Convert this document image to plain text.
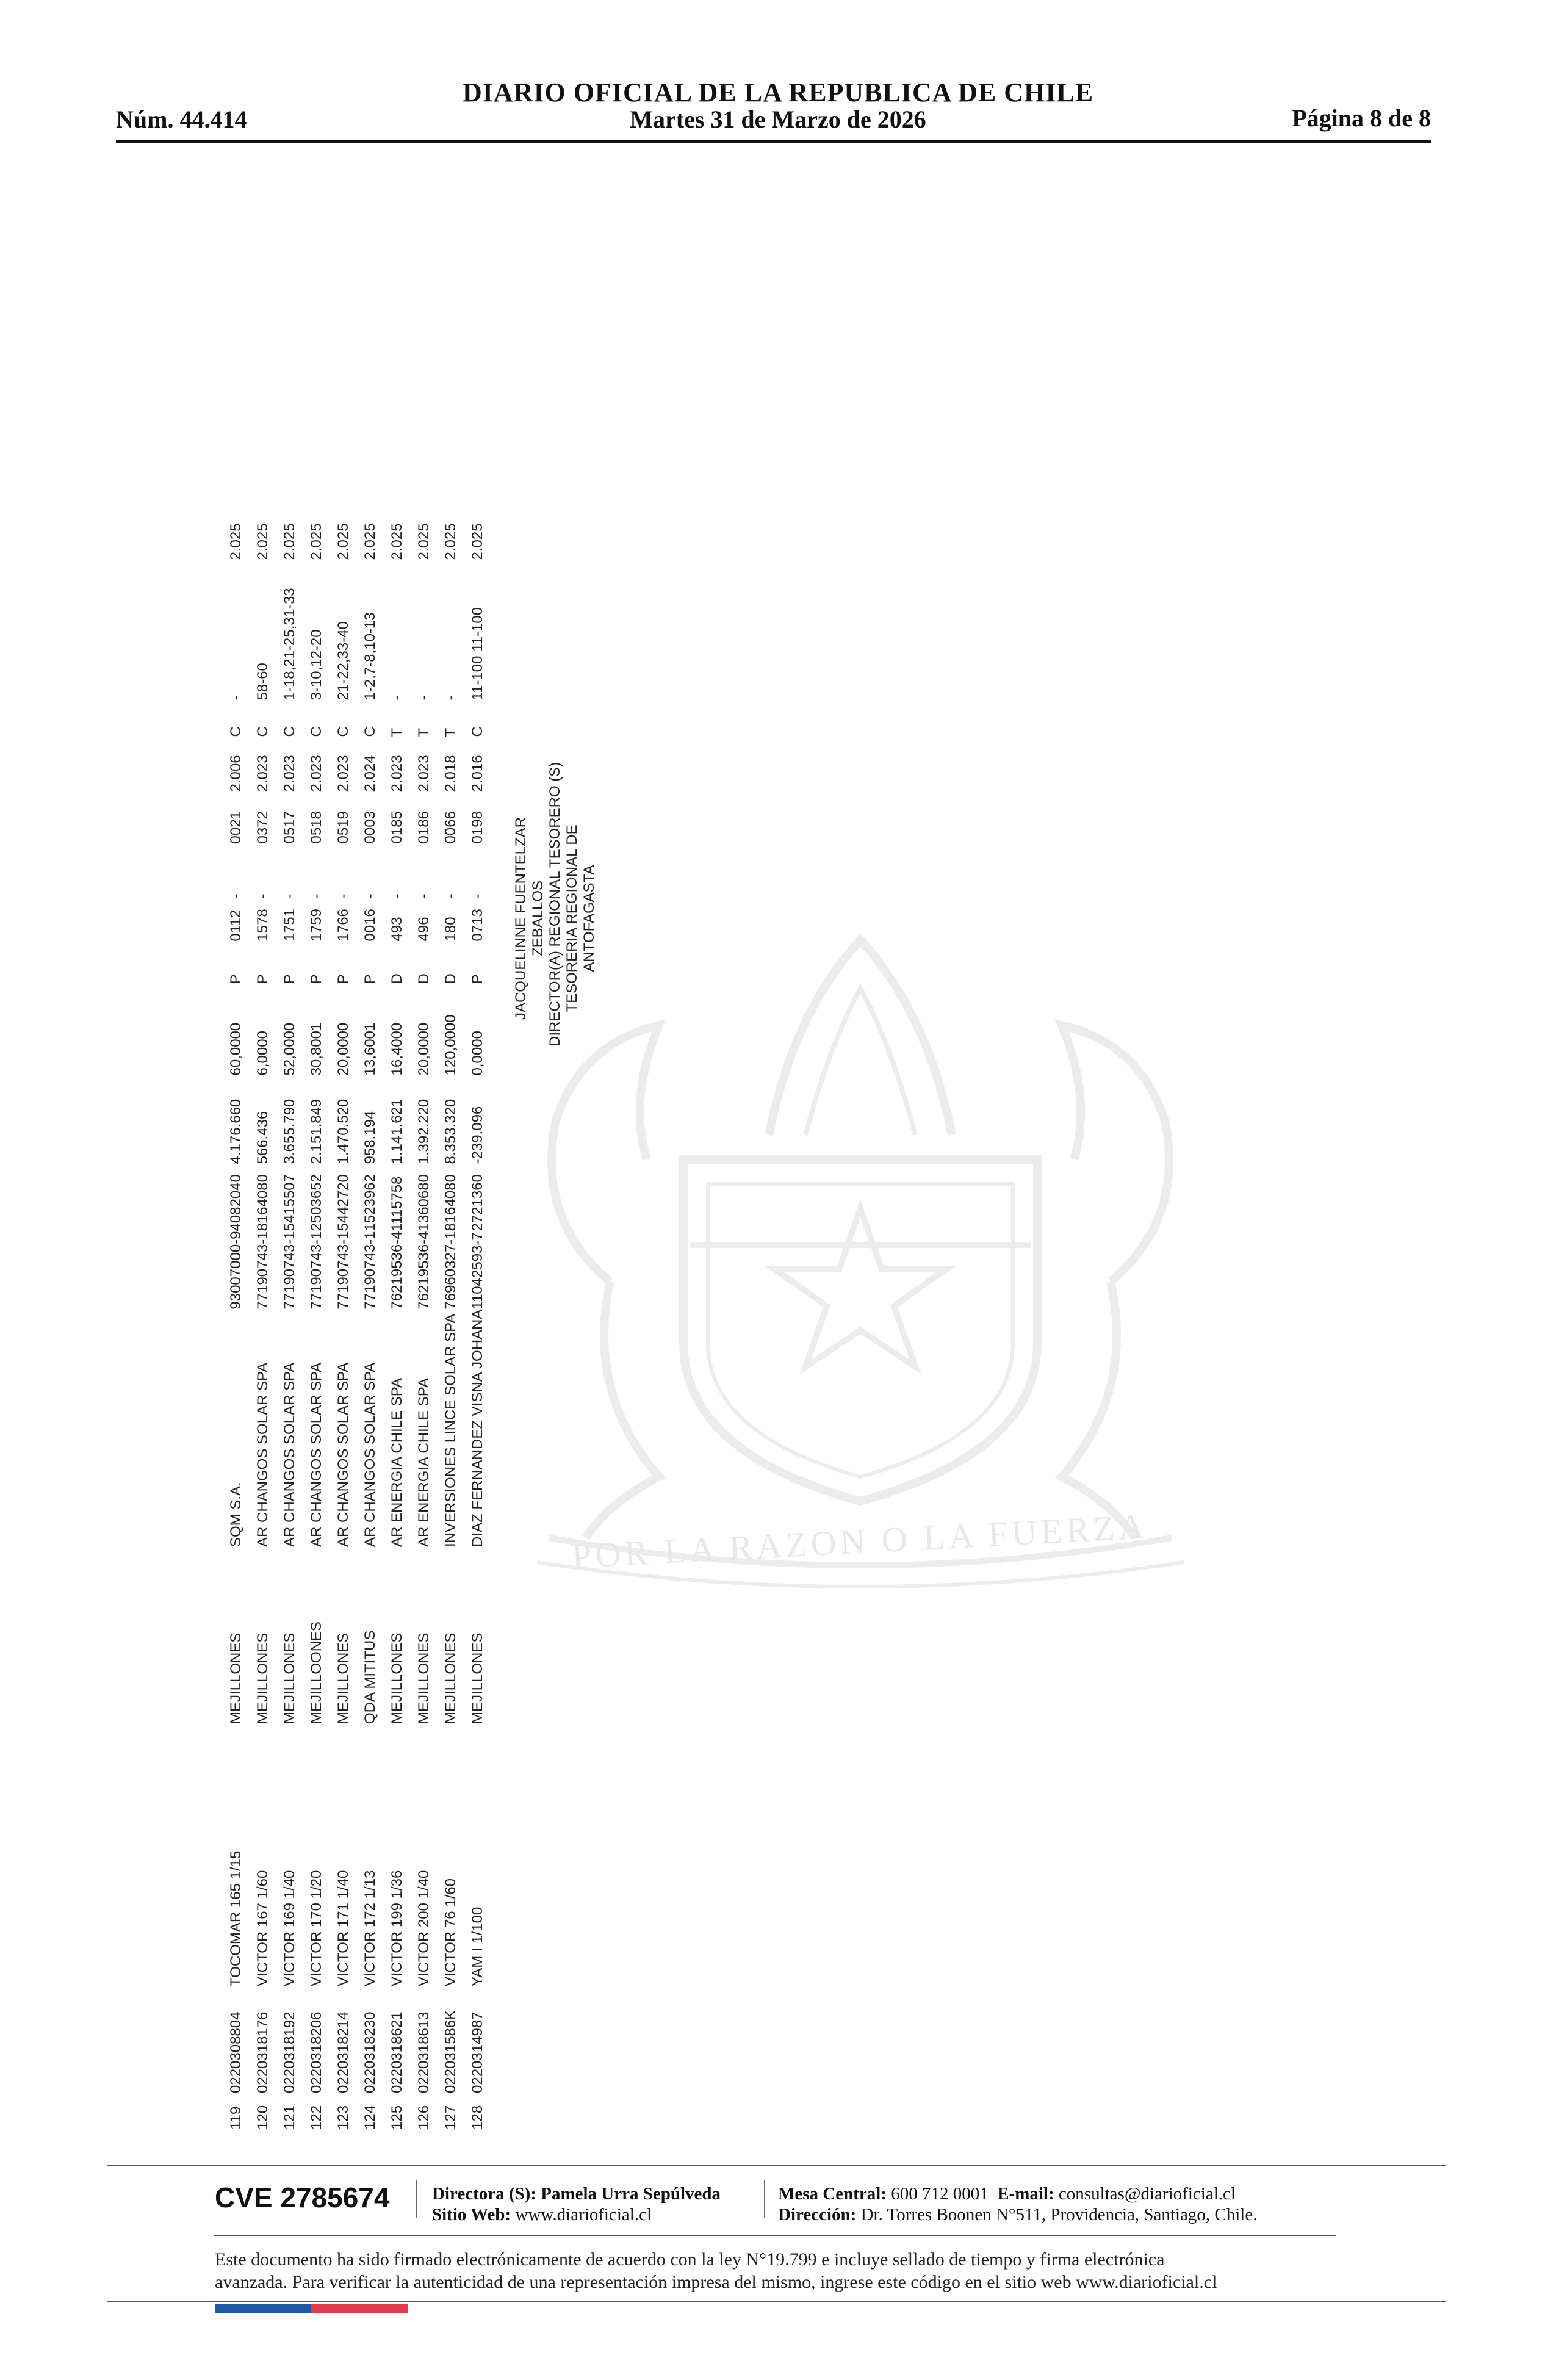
DIARIO OFICIAL DE LA REPUBLICA DE CHILE
Núm. 44.414	Martes 31 de Marzo de 2026	Página 8 de 8
POR LA RAZON O LA FUERZA
119	0220308804	TOCOMAR 165 1/15	MEJILLONES	SQM S.A.	93007000-9	4082040	4.176.660	60,0000	P	0112	-	0021	2.006	C	-	2.025
120	0220318176	VICTOR 167 1/60	MEJILLONES	AR CHANGOS SOLAR SPA	77190743-1	8164080	566.436	6,0000	P	1578	-	0372	2.023	C	58-60	2.025
121	0220318192	VICTOR 169 1/40	MEJILLONES	AR CHANGOS SOLAR SPA	77190743-1	5415507	3.655.790	52,0000	P	1751	-	0517	2.023	C	1-18,21-25,31-33	2.025
122	0220318206	VICTOR 170 1/20	MEJILLOONES	AR CHANGOS SOLAR SPA	77190743-1	2503652	2.151.849	30,8001	P	1759	-	0518	2.023	C	3-10,12-20	2.025
123	0220318214	VICTOR 171 1/40	MEJILLONES	AR CHANGOS SOLAR SPA	77190743-1	5442720	1.470.520	20,0000	P	1766	-	0519	2.023	C	21-22,33-40	2.025
124	0220318230	VICTOR 172 1/13	QDA MITITUS	AR CHANGOS SOLAR SPA	77190743-1	1523962	958.194	13,6001	P	0016	-	0003	2.024	C	1-2,7-8,10-13	2.025
125	0220318621	VICTOR 199 1/36	MEJILLONES	AR ENERGIA CHILE SPA	76219536-4	1115758	1.141.621	16,4000	D	493	-	0185	2.023	T	-	2.025
126	0220318613	VICTOR 200 1/40	MEJILLONES	AR ENERGIA CHILE SPA	76219536-4	1360680	1.392.220	20,0000	D	496	-	0186	2.023	T	-	2.025
127	022031586K	VICTOR 76 1/60	MEJILLONES	INVERSIONES LINCE SOLAR SPA	76960327-1	8164080	8.353.320	120,0000	D	180	-	0066	2.018	T	-	2.025
128	0220314987	YAM I 1/100	MEJILLONES	DIAZ FERNANDEZ VISNA JOHANA	11042593-7	2721360	-239.096	0,0000	P	0713	-	0198	2.016	C	11-100 11-100	2.025
JACQUELINNE FUENTELZAR ZEBALLOS DIRECTOR(A) REGIONAL TESORERO (S) TESORERIA REGIONAL DE ANTOFAGASTA
CVE 2785674 Directora (S): Pamela Urra Sepúlveda
Sitio Web: www.diarioficial.cl
Mesa Central: 600 712 0001 E-mail: consultas@diarioficial.cl
Dirección: Dr. Torres Boonen N°511, Providencia, Santiago, Chile.
Este documento ha sido firmado electrónicamente de acuerdo con la ley N°19.799 e incluye sellado de tiempo y firma electrónica
avanzada. Para verificar la autenticidad de una representación impresa del mismo, ingrese este código en el sitio web www.diarioficial.cl
